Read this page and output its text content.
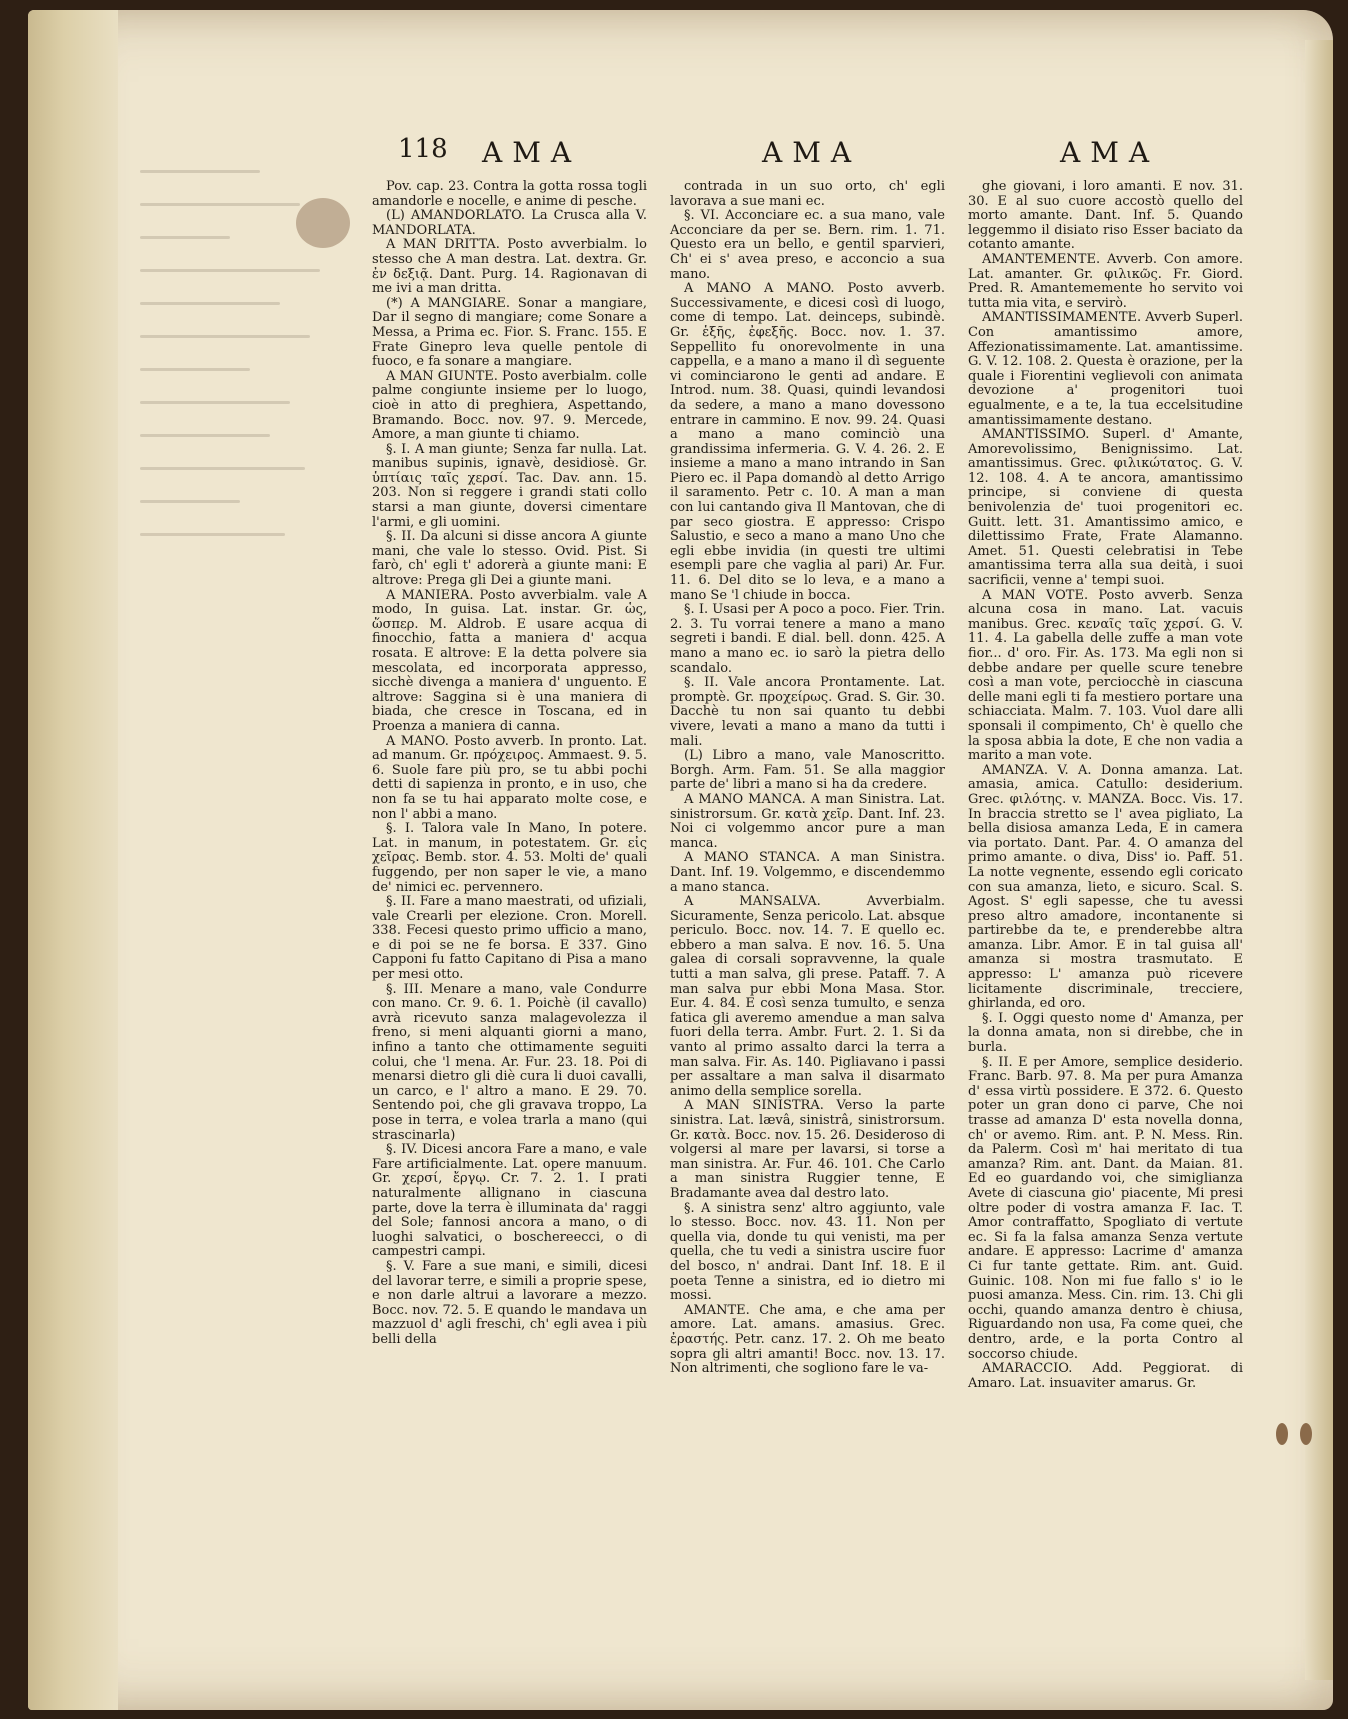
118 AMA	AMA	AMA

Pov. cap. 23. Contra la gotta rossa togli amandorle e nocelle, e anime di pesche.

(L) AMANDORLATO. La Crusca alla V. MANDORLATA.

A MAN DRITTA. Posto avverbialm. lo stesso che A man destra. Lat. dextra. Gr. ἐν δεξιᾷ. Dant. Purg. 14. Ragionavan di me ivi a man dritta.

(*) A MANGIARE. Sonar a mangiare, Dar il segno di mangiare; come Sonare a Messa, a Prima ec. Fior. S. Franc. 155. E Frate Ginepro leva quelle pentole di fuoco, e fa sonare a mangiare.

A MAN GIUNTE. Posto averbialm. colle palme congiunte insieme per lo luogo, cioè in atto di preghiera, Aspettando, Bramando. Bocc. nov. 97. 9. Mercede, Amore, a man giunte ti chiamo.

§. I. A man giunte; Senza far nulla. Lat. manibus supinis, ignavè, desidiosè. Gr. ὑπτίαις ταῖς χερσί. Tac. Dav. ann. 15. 203. Non si reggere i grandi stati collo starsi a man giunte, doversi cimentare l'armi, e gli uomini.

§. II. Da alcuni si disse ancora A giunte mani, che vale lo stesso. Ovid. Pist. Si farò, ch' egli t' adorerà a giunte mani: E altrove: Prega gli Dei a giunte mani.

A MANIERA. Posto avverbialm. vale A modo, In guisa. Lat. instar. Gr. ὡς, ὥσπερ. M. Aldrob. E usare acqua di finocchio, fatta a maniera d' acqua rosata. E altrove: E la detta polvere sia mescolata, ed incorporata appresso, sicchè divenga a maniera d' unguento. E altrove: Saggina si è una maniera di biada, che cresce in Toscana, ed in Proenza a maniera di canna.

A MANO. Posto avverb. In pronto. Lat. ad manum. Gr. πρόχειρος. Ammaest. 9. 5. 6. Suole fare più pro, se tu abbi pochi detti di sapienza in pronto, e in uso, che non fa se tu hai apparato molte cose, e non l' abbi a mano.

§. I. Talora vale In Mano, In potere. Lat. in manum, in potestatem. Gr. εἰς χεῖρας. Bemb. stor. 4. 53. Molti de' quali fuggendo, per non saper le vie, a mano de' nimici ec. pervennero.

§. II. Fare a mano maestrati, od ufiziali, vale Crearli per elezione. Cron. Morell. 338. Fecesi questo primo ufficio a mano, e di poi se ne fe borsa. E 337. Gino Capponi fu fatto Capitano di Pisa a mano per mesi otto.

§. III. Menare a mano, vale Condurre con mano. Cr. 9. 6. 1. Poichè (il cavallo) avrà ricevuto sanza malagevolezza il freno, si meni alquanti giorni a mano, infino a tanto che ottimamente seguiti colui, che 'l mena. Ar. Fur. 23. 18. Poi di menarsi dietro gli diè cura li duoi cavalli, un carco, e l' altro a mano. E 29. 70. Sentendo poi, che gli gravava troppo, La pose in terra, e volea trarla a mano (qui strascinarla)

§. IV. Dicesi ancora Fare a mano, e vale Fare artificialmente. Lat. opere manuum. Gr. χερσί, ἔργῳ. Cr. 7. 2. 1. I prati naturalmente allignano in ciascuna parte, dove la terra è illuminata da' raggi del Sole; fannosi ancora a mano, o di luoghi salvatici, o boschereecci, o di campestri campi.

§. V. Fare a sue mani, e simili, dicesi del lavorar terre, e simili a proprie spese, e non darle altrui a lavorare a mezzo. Bocc. nov. 72. 5. E quando le mandava un mazzuol d' agli freschi, ch' egli avea i più belli della

contrada in un suo orto, ch' egli lavorava a sue mani ec.

§. VI. Acconciare ec. a sua mano, vale Acconciare da per se. Bern. rim. 1. 71. Questo era un bello, e gentil sparvieri, Ch' ei s' avea preso, e acconcio a sua mano.

A MANO A MANO. Posto avverb. Successivamente, e dicesi così di luogo, come di tempo. Lat. deinceps, subindè. Gr. ἑξῆς, ἐφεξῆς. Bocc. nov. 1. 37. Seppellito fu onorevolmente in una cappella, e a mano a mano il dì seguente vi cominciarono le genti ad andare. E Introd. num. 38. Quasi, quindi levandosi da sedere, a mano a mano dovessono entrare in cammino. E nov. 99. 24. Quasi a mano a mano cominciò una grandissima infermeria. G. V. 4. 26. 2. E insieme a mano a mano intrando in San Piero ec. il Papa domandò al detto Arrigo il saramento. Petr c. 10. A man a man con lui cantando giva Il Mantovan, che di par seco giostra. E appresso: Crispo Salustio, e seco a mano a mano Uno che egli ebbe invidia (in questi tre ultimi esempli pare che vaglia al pari) Ar. Fur. 11. 6. Del dito se lo leva, e a mano a mano Se 'l chiude in bocca.

§. I. Usasi per A poco a poco. Fier. Trin. 2. 3. Tu vorrai tenere a mano a mano segreti i bandi. E dial. bell. donn. 425. A mano a mano ec. io sarò la pietra dello scandalo.

§. II. Vale ancora Prontamente. Lat. promptè. Gr. προχείρως. Grad. S. Gir. 30. Dacchè tu non sai quanto tu debbi vivere, levati a mano a mano da tutti i mali.

(L) Libro a mano, vale Manoscritto. Borgh. Arm. Fam. 51. Se alla maggior parte de' libri a mano si ha da credere.

A MANO MANCA. A man Sinistra. Lat. sinistrorsum. Gr. κατὰ χεῖρ. Dant. Inf. 23. Noi ci volgemmo ancor pure a man manca.

A MANO STANCA. A man Sinistra. Dant. Inf. 19. Volgemmo, e discendemmo a mano stanca.

A MANSALVA. Avverbialm. Sicuramente, Senza pericolo. Lat. absque periculo. Bocc. nov. 14. 7. E quello ec. ebbero a man salva. E nov. 16. 5. Una galea di corsali sopravvenne, la quale tutti a man salva, gli prese. Pataff. 7. A man salva pur ebbi Mona Masa. Stor. Eur. 4. 84. E così senza tumulto, e senza fatica gli averemo amendue a man salva fuori della terra. Ambr. Furt. 2. 1. Si da vanto al primo assalto darci la terra a man salva. Fir. As. 140. Pigliavano i passi per assaltare a man salva il disarmato animo della semplice sorella.

A MAN SINISTRA. Verso la parte sinistra. Lat. lævâ, sinistrâ, sinistrorsum. Gr. κατὰ. Bocc. nov. 15. 26. Desideroso di volgersi al mare per lavarsi, si torse a man sinistra. Ar. Fur. 46. 101. Che Carlo a man sinistra Ruggier tenne, E Bradamante avea dal destro lato.

§. A sinistra senz' altro aggiunto, vale lo stesso. Bocc. nov. 43. 11. Non per quella via, donde tu qui venisti, ma per quella, che tu vedi a sinistra uscire fuor del bosco, n' andrai. Dant Inf. 18. E il poeta Tenne a sinistra, ed io dietro mi mossi.

AMANTE. Che ama, e che ama per amore. Lat. amans. amasius. Grec. ἐραστής. Petr. canz. 17. 2. Oh me beato sopra gli altri amanti! Bocc. nov. 13. 17. Non altrimenti, che sogliono fare le va-

ghe giovani, i loro amanti. E nov. 31. 30. E al suo cuore accostò quello del morto amante. Dant. Inf. 5. Quando leggemmo il disiato riso Esser baciato da cotanto amante.

AMANTEMENTE. Avverb. Con amore. Lat. amanter. Gr. φιλικῶς. Fr. Giord. Pred. R. Amantememente ho servito voi tutta mia vita, e servirò.

AMANTISSIMAMENTE. Avverb Superl. Con amantissimo amore, Affezionatissimamente. Lat. amantissime. G. V. 12. 108. 2. Questa è orazione, per la quale i Fiorentini veglievoli con animata devozione a' progenitori tuoi egualmente, e a te, la tua eccelsitudine amantissimamente destano.

AMANTISSIMO. Superl. d' Amante, Amorevolissimo, Benignissimo. Lat. amantissimus. Grec. φιλικώτατος. G. V. 12. 108. 4. A te ancora, amantissimo principe, si conviene di questa benivolenzia de' tuoi progenitori ec. Guitt. lett. 31. Amantissimo amico, e dilettissimo Frate, Frate Alamanno. Amet. 51. Questi celebratisi in Tebe amantissima terra alla sua deità, i suoi sacrificii, venne a' tempi suoi.

A MAN VOTE. Posto avverb. Senza alcuna cosa in mano. Lat. vacuis manibus. Grec. κεναῖς ταῖς χερσί. G. V. 11. 4. La gabella delle zuffe a man vote fior... d' oro. Fir. As. 173. Ma egli non si debbe andare per quelle scure tenebre così a man vote, perciocchè in ciascuna delle mani egli ti fa mestiero portare una schiacciata. Malm. 7. 103. Vuol dare alli sponsali il compimento, Ch' è quello che la sposa abbia la dote, E che non vadia a marito a man vote.

AMANZA. V. A. Donna amanza. Lat. amasia, amica. Catullo: desiderium. Grec. φιλότης. v. MANZA. Bocc. Vis. 17. In braccia stretto se l' avea pigliato, La bella disiosa amanza Leda, E in camera via portato. Dant. Par. 4. O amanza del primo amante. o diva, Diss' io. Paff. 51. La notte vegnente, essendo egli coricato con sua amanza, lieto, e sicuro. Scal. S. Agost. S' egli sapesse, che tu avessi preso altro amadore, incontanente si partirebbe da te, e prenderebbe altra amanza. Libr. Amor. E in tal guisa all' amanza si mostra trasmutato. E appresso: L' amanza può ricevere licitamente discriminale, trecciere, ghirlanda, ed oro.

§. I. Oggi questo nome d' Amanza, per la donna amata, non si direbbe, che in burla.

§. II. E per Amore, semplice desiderio. Franc. Barb. 97. 8. Ma per pura Amanza d' essa virtù possidere. E 372. 6. Questo poter un gran dono ci parve, Che noi trasse ad amanza D' esta novella donna, ch' or avemo. Rim. ant. P. N. Mess. Rin. da Palerm. Così m' hai meritato di tua amanza? Rim. ant. Dant. da Maian. 81. Ed eo guardando voi, che simiglianza Avete di ciascuna gio' piacente, Mi presi oltre poder di vostra amanza F. Iac. T. Amor contraffatto, Spogliato di vertute ec. Si fa la falsa amanza Senza vertute andare. E appresso: Lacrime d' amanza Ci fur tante gettate. Rim. ant. Guid. Guinic. 108. Non mi fue fallo s' io le puosi amanza. Mess. Cin. rim. 13. Chi gli occhi, quando amanza dentro è chiusa, Riguardando non usa, Fa come quei, che dentro, arde, e la porta Contro al soccorso chiude.

AMARACCIO. Add. Peggiorat. di Amaro. Lat. insuaviter amarus. Gr.
